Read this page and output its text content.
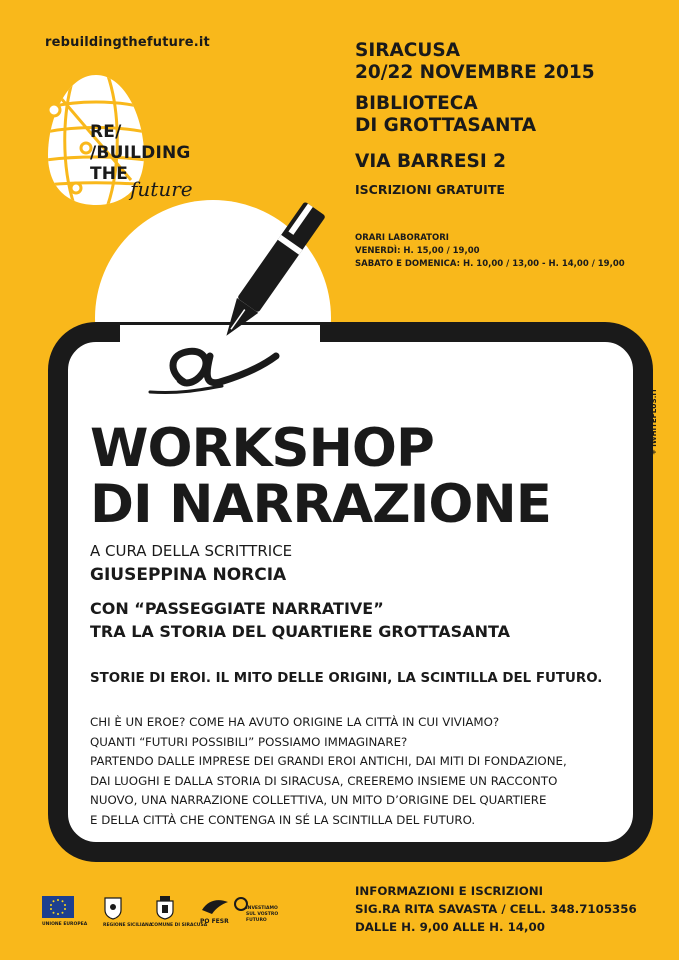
rebuildingthefuture.it
RE/
/BUILDING
THE
future
SIRACUSA
20/22 NOVEMBRE 2015
BIBLIOTECA
DI GROTTASANTA
VIA BARRESI 2
ISCRIZIONI GRATUITE
ORARI LABORATORI
VENERDÌ: H. 15,00 / 19,00
SABATO E DOMENICA: H. 10,00 / 13,00 - H. 14,00 / 19,00
WORKSHOP
DI NARRAZIONE
A CURA DELLA SCRITTRICE
GIUSEPPINA NORCIA
CON “PASSEGGIATE NARRATIVE”
TRA LA STORIA DEL QUARTIERE GROTTASANTA
STORIE DI EROI. IL MITO DELLE ORIGINI, LA SCINTILLA DEL FUTURO.
CHI È UN EROE? COME HA AVUTO ORIGINE LA CITTÀ IN CUI VIVIAMO?
QUANTI “FUTURI POSSIBILI” POSSIAMO IMMAGINARE?
PARTENDO DALLE IMPRESE DEI GRANDI EROI ANTICHI, DAI MITI DI FONDAZIONE,
DAI LUOGHI E DALLA STORIA DI SIRACUSA, CREEREMO INSIEME UN RACCONTO
NUOVO, UNA NARRAZIONE COLLETTIVA, UN MITO D’ORIGINE DEL QUARTIERE
E DELLA CITTÀ CHE CONTENGA IN SÉ LA SCINTILLA DEL FUTURO.
+ IWHITEPLUS.IT
UNIONE EUROPEA	REGIONE SICILIANA
COMUNE DI SIRACUSA
PO FESR
INVESTIAMO SUL VOSTRO FUTURO
INFORMAZIONI E ISCRIZIONI
SIG.RA RITA SAVASTA / CELL. 348.7105356
DALLE H. 9,00 ALLE H. 14,00
